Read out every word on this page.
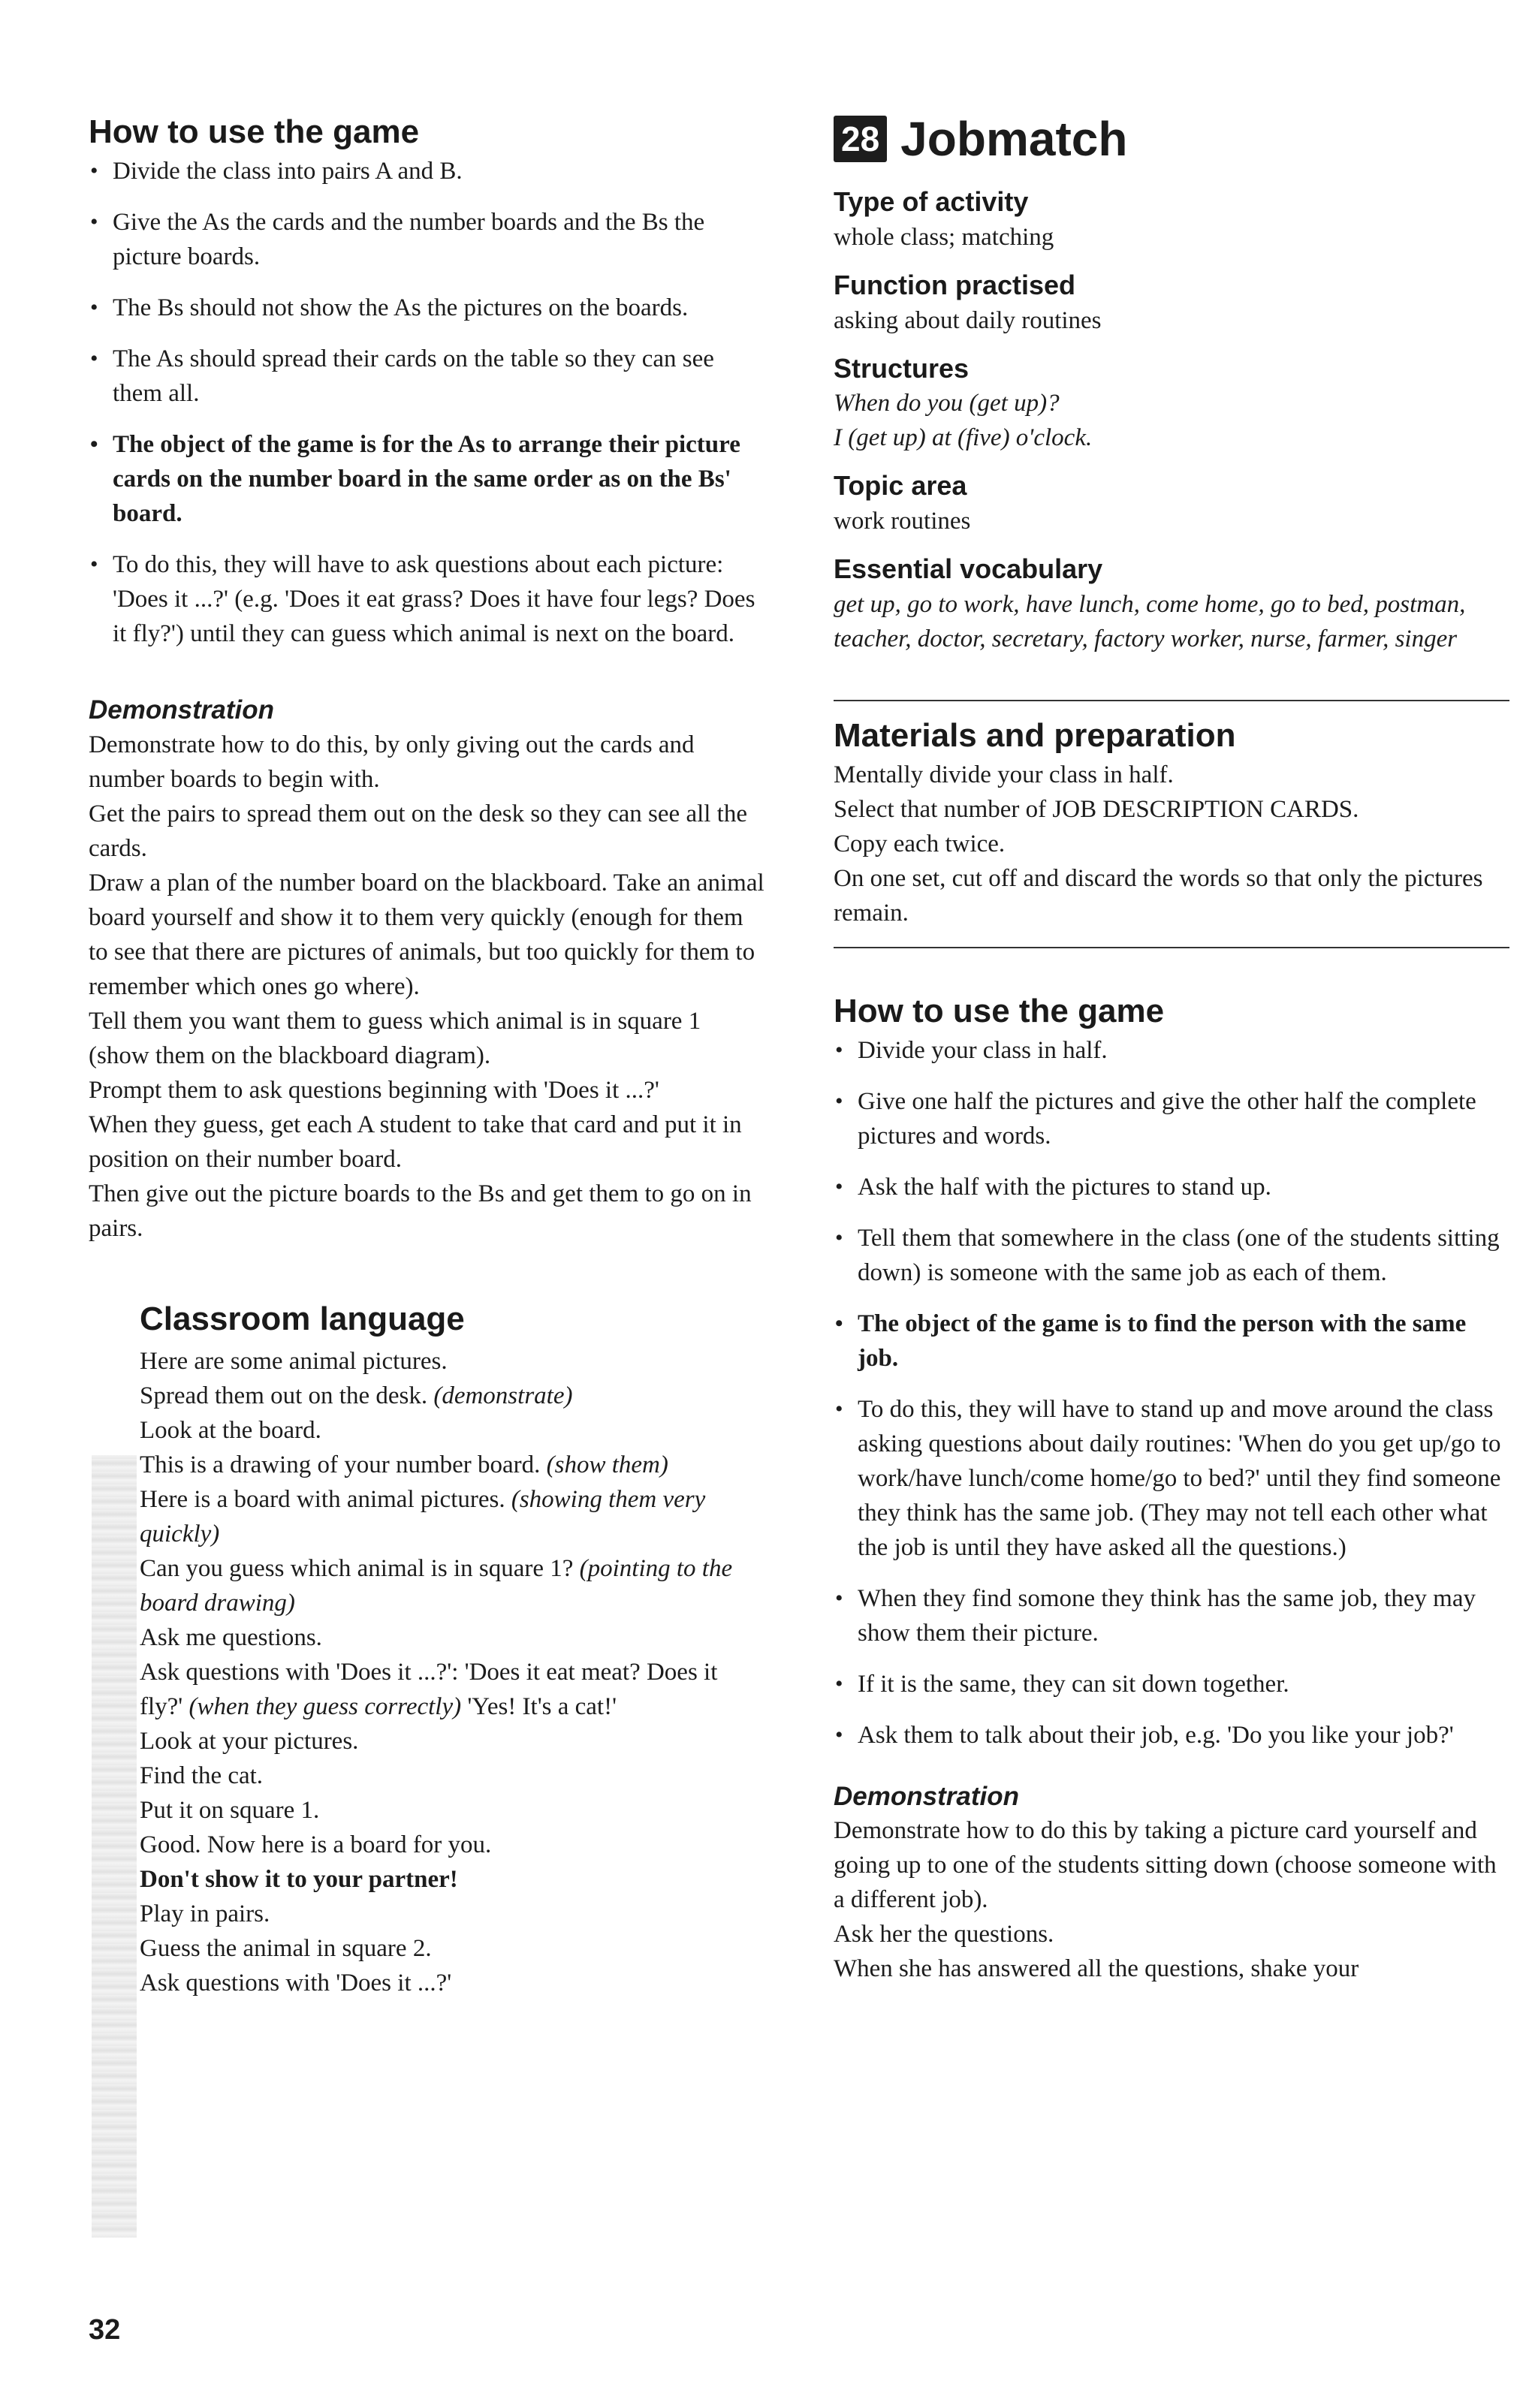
How to use the game
• Divide the class into pairs A and B.
• Give the As the cards and the number boards and the Bs the picture boards.
• The Bs should not show the As the pictures on the boards.
• The As should spread their cards on the table so they can see them all.
• The object of the game is for the As to arrange their picture cards on the number board in the same order as on the Bs' board.
• To do this, they will have to ask questions about each picture: 'Does it ...?' (e.g. 'Does it eat grass? Does it have four legs? Does it fly?') until they can guess which animal is next on the board.
Demonstration
Demonstrate how to do this, by only giving out the cards and number boards to begin with.
Get the pairs to spread them out on the desk so they can see all the cards.
Draw a plan of the number board on the blackboard. Take an animal board yourself and show it to them very quickly (enough for them to see that there are pictures of animals, but too quickly for them to remember which ones go where).
Tell them you want them to guess which animal is in square 1 (show them on the blackboard diagram).
Prompt them to ask questions beginning with 'Does it ...?'
When they guess, get each A student to take that card and put it in position on their number board.
Then give out the picture boards to the Bs and get them to go on in pairs.
Classroom language
Here are some animal pictures.
Spread them out on the desk. (demonstrate)
Look at the board.
This is a drawing of your number board. (show them)
Here is a board with animal pictures. (showing them very quickly)
Can you guess which animal is in square 1? (pointing to the board drawing)
Ask me questions.
Ask questions with 'Does it ...?': 'Does it eat meat? Does it fly?' (when they guess correctly) 'Yes! It's a cat!'
Look at your pictures.
Find the cat.
Put it on square 1.
Good. Now here is a board for you.
Don't show it to your partner!
Play in pairs.
Guess the animal in square 2.
Ask questions with 'Does it ...?'
28 Jobmatch
Type of activity
whole class; matching
Function practised
asking about daily routines
Structures
When do you (get up)?
I (get up) at (five) o'clock.
Topic area
work routines
Essential vocabulary
get up, go to work, have lunch, come home, go to bed, postman, teacher, doctor, secretary, factory worker, nurse, farmer, singer
Materials and preparation
Mentally divide your class in half.
Select that number of JOB DESCRIPTION CARDS.
Copy each twice.
On one set, cut off and discard the words so that only the pictures remain.
How to use the game
• Divide your class in half.
• Give one half the pictures and give the other half the complete pictures and words.
• Ask the half with the pictures to stand up.
• Tell them that somewhere in the class (one of the students sitting down) is someone with the same job as each of them.
• The object of the game is to find the person with the same job.
• To do this, they will have to stand up and move around the class asking questions about daily routines: 'When do you get up/go to work/have lunch/come home/go to bed?' until they find someone they think has the same job. (They may not tell each other what the job is until they have asked all the questions.)
• When they find somone they think has the same job, they may show them their picture.
• If it is the same, they can sit down together.
• Ask them to talk about their job, e.g. 'Do you like your job?'
Demonstration
Demonstrate how to do this by taking a picture card yourself and going up to one of the students sitting down (choose someone with a different job).
Ask her the questions.
When she has answered all the questions, shake your
32
